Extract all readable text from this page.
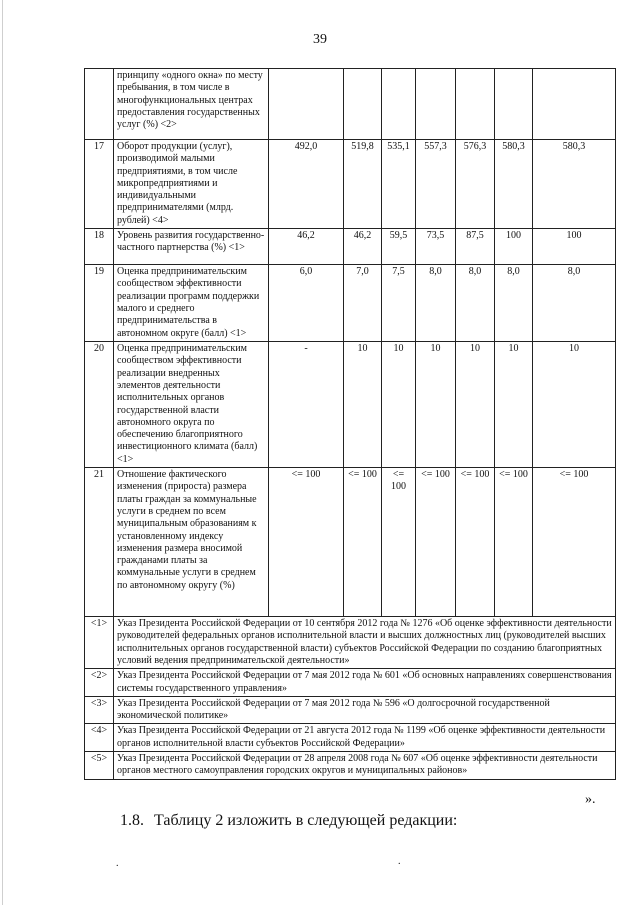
39
	принципу «одного окна» по месту пребывания, в том числе в многофункциональных центрах предоставления государственных услуг (%) <2>							
17	Оборот продукции (услуг), производимой малыми предприятиями, в том числе микропредприятиями и индивидуальными предпринимателями (млрд. рублей) <4>	492,0	519,8	535,1	557,3	576,3	580,3	580,3
18	Уровень развития государственно-частного партнерства (%) <1>	46,2	46,2	59,5	73,5	87,5	100	100
19	Оценка предпринимательским сообществом эффективности реализации программ поддержки малого и среднего предпринимательства в автономном округе (балл) <1>	6,0	7,0	7,5	8,0	8,0	8,0	8,0
20	Оценка предпринимательским сообществом эффективности реализации внедренных элементов деятельности исполнительных органов государственной власти автономного округа по обеспечению благоприятного инвестиционного климата (балл) <1>	-	10	10	10	10	10	10
21	Отношение фактического изменения (прироста) размера платы граждан за коммунальные услуги в среднем по всем муниципальным образованиям к установленному индексу изменения размера вносимой гражданами платы за коммунальные услуги в среднем по автономному округу (%)	<= 100	<= 100	<= 100	<= 100	<= 100	<= 100	<= 100
<1>	Указ Президента Российской Федерации от 10 сентября 2012 года № 1276 «Об оценке эффективности деятельности руководителей федеральных органов исполнительной власти и высших должностных лиц (руководителей высших исполнительных органов государственной власти) субъектов Российской Федерации по созданию благоприятных условий ведения предпринимательской деятельности»							
<2>	Указ Президента Российской Федерации от 7 мая 2012 года № 601 «Об основных направлениях совершенствования системы государственного управления»							
<3>	Указ Президента Российской Федерации от 7 мая 2012 года № 596 «О долгосрочной государственной экономической политике»							
<4>	Указ Президента Российской Федерации от 21 августа 2012 года № 1199 «Об оценке эффективности деятельности органов исполнительной власти субъектов Российской Федерации»							
<5>	Указ Президента Российской Федерации от 28 апреля 2008 года № 607 «Об оценке эффективности деятельности органов местного самоуправления городских округов и муниципальных районов»							
».
1.8. Таблицу 2 изложить в следующей редакции:
.	.
